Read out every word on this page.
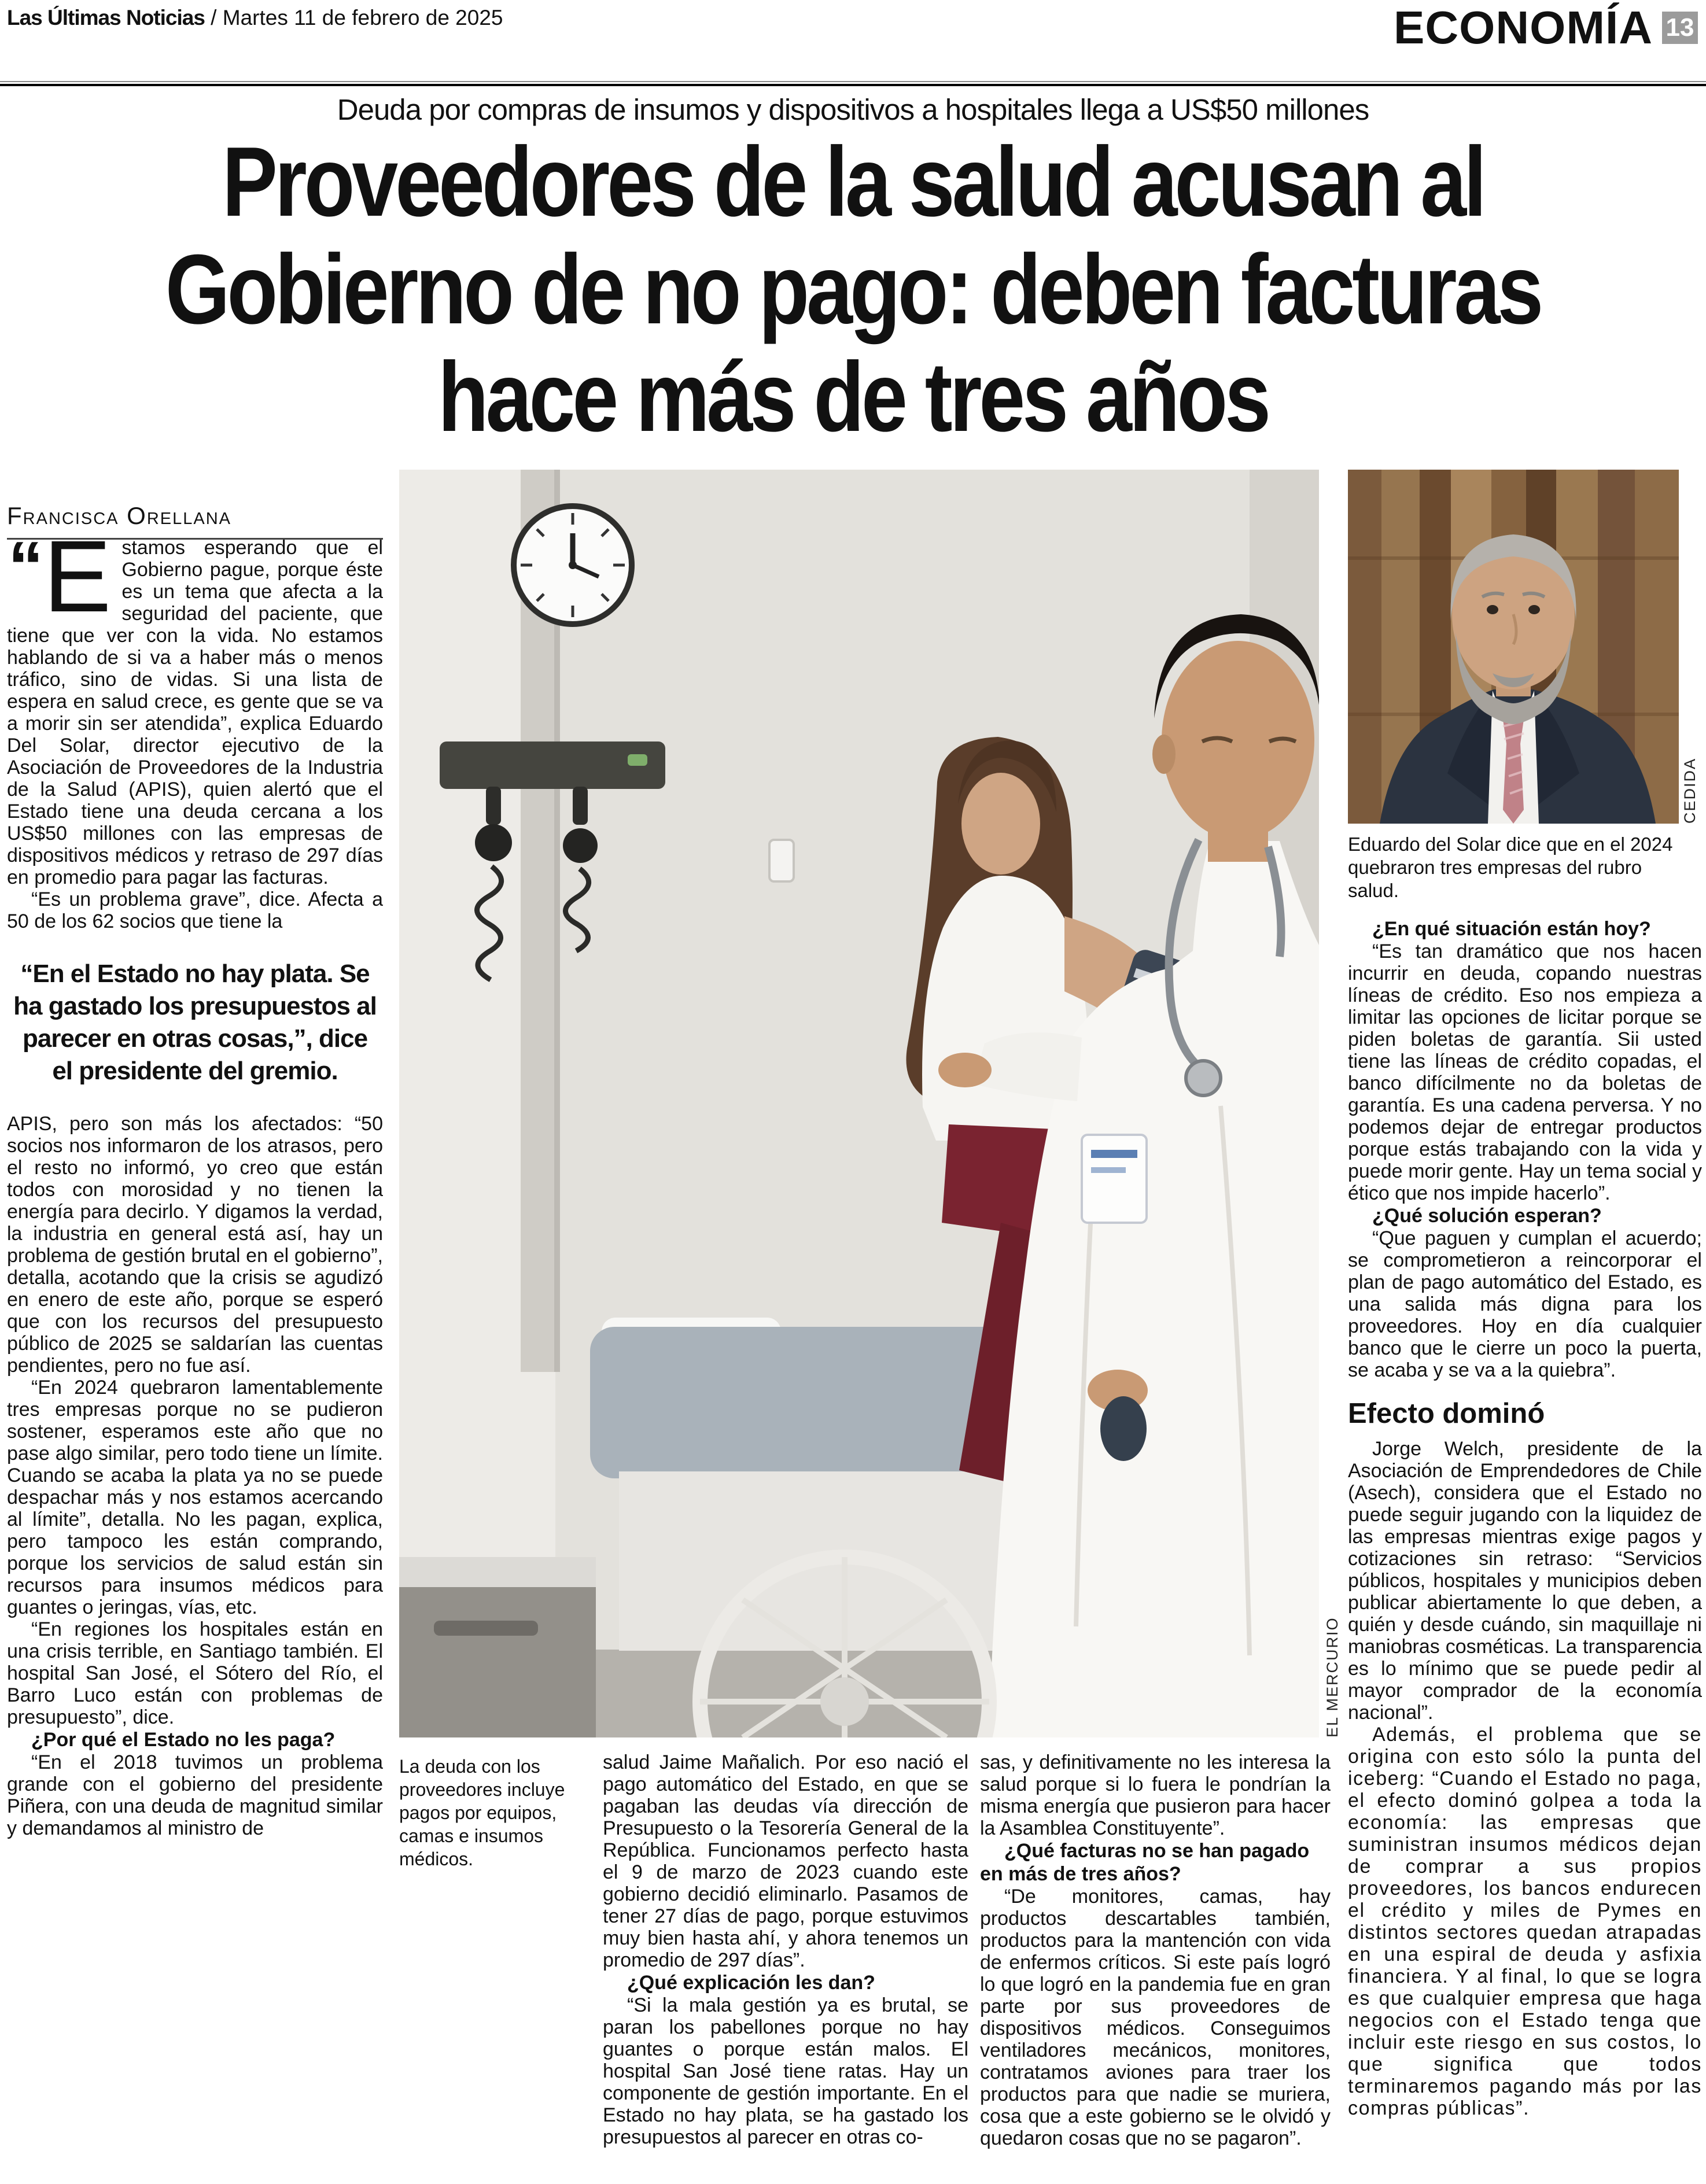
Las Últimas Noticias / Martes 11 de febrero de 2025	ECONOMÍA 13
Deuda por compras de insumos y dispositivos a hospitales llega a US$50 millones
Proveedores de la salud acusan al
Gobierno de no pago: deben facturas
hace más de tres años
Francisca Orellana

“ E stamos esperando que el Gobierno pague, porque éste es un tema que afecta a la seguridad del paciente, que tiene que ver con la vida. No estamos hablando de si va a haber más o menos tráfico, sino de vidas. Si una lista de espera en salud crece, es gente que se va a morir sin ser atendida”, explica Eduardo Del Solar, director ejecutivo de la Asociación de Proveedores de la Industria de la Salud (APIS), quien alertó que el Estado tiene una deuda cercana a los US$50 millones con las empresas de dispositivos médicos y retraso de 297 días en promedio para pagar las facturas.

“Es un problema grave”, dice. Afecta a 50 de los 62 socios que tiene la

“En el Estado no hay plata. Se ha gastado los presupuestos al parecer en otras cosas,”, dice el presidente del gremio.

APIS, pero son más los afectados: “50 socios nos informaron de los atrasos, pero el resto no informó, yo creo que están todos con morosidad y no tienen la energía para decirlo. Y digamos la verdad, la industria en general está así, hay un problema de gestión brutal en el gobierno”, detalla, acotando que la crisis se agudizó en enero de este año, porque se esperó que con los recursos del presupuesto público de 2025 se saldarían las cuentas pendientes, pero no fue así.

“En 2024 quebraron lamentablemente tres empresas porque no se pudieron sostener, esperamos este año que no pase algo similar, pero todo tiene un límite. Cuando se acaba la plata ya no se puede despachar más y nos estamos acercando al límite”, detalla. No les pagan, explica, pero tampoco les están comprando, porque los servicios de salud están sin recursos para insumos médicos para guantes o jeringas, vías, etc.

“En regiones los hospitales están en una crisis terrible, en Santiago también. El hospital San José, el Sótero del Río, el Barro Luco están con problemas de presupuesto”, dice.

¿Por qué el Estado no les paga?

“En el 2018 tuvimos un problema grande con el gobierno del presidente Piñera, con una deuda de magnitud similar y demandamos al ministro de

EL MERCURIO
La deuda con los proveedores incluye pagos por equipos, camas e insumos médicos.

salud Jaime Mañalich. Por eso nació el pago automático del Estado, en que se pagaban las deudas vía dirección de Presupuesto o la Tesorería General de la República. Funcionamos perfecto hasta el 9 de marzo de 2023 cuando este gobierno decidió eliminarlo. Pasamos de tener 27 días de pago, porque estuvimos muy bien hasta ahí, y ahora tenemos un promedio de 297 días”.

¿Qué explicación les dan?

“Si la mala gestión ya es brutal, se paran los pabellones porque no hay guantes o porque están malos. El hospital San José tiene ratas. Hay un componente de gestión importante. En el Estado no hay plata, se ha gastado los presupuestos al parecer en otras co-

sas, y definitivamente no les interesa la salud porque si lo fuera le pondrían la misma energía que pusieron para hacer la Asamblea Constituyente”.

¿Qué facturas no se han pagado en más de tres años?

“De monitores, camas, hay productos descartables también, productos para la mantención con vida de enfermos críticos. Si este país logró lo que logró en la pandemia fue en gran parte por sus proveedores de dispositivos médicos. Conseguimos ventiladores mecánicos, monitores, contratamos aviones para traer los productos para que nadie se muriera, cosa que a este gobierno se le olvidó y quedaron cosas que no se pagaron”.

CEDIDA
Eduardo del Solar dice que en el 2024 quebraron tres empresas del rubro salud.
¿En qué situación están hoy?

“Es tan dramático que nos hacen incurrir en deuda, copando nuestras líneas de crédito. Eso nos empieza a limitar las opciones de licitar porque se piden boletas de garantía. Sii usted tiene las líneas de crédito copadas, el banco difícilmente no da boletas de garantía. Es una cadena perversa. Y no podemos dejar de entregar productos porque estás trabajando con la vida y puede morir gente. Hay un tema social y ético que nos impide hacerlo”.

¿Qué solución esperan?

“Que paguen y cumplan el acuerdo; se comprometieron a reincorporar el plan de pago automático del Estado, es una salida más digna para los proveedores. Hoy en día cualquier banco que le cierre un poco la puerta, se acaba y se va a la quiebra”.

Efecto dominó

Jorge Welch, presidente de la Asociación de Emprendedores de Chile (Asech), considera que el Estado no puede seguir jugando con la liquidez de las empresas mientras exige pagos y cotizaciones sin retraso: “Servicios públicos, hospitales y municipios deben publicar abiertamente lo que deben, a quién y desde cuándo, sin maquillaje ni maniobras cosméticas. La transparencia es lo mínimo que se puede pedir al mayor comprador de la economía nacional”.

Además, el problema que se origina con esto sólo la punta del iceberg: “Cuando el Estado no paga, el efecto dominó golpea a toda la economía: las empresas que suministran insumos médicos dejan de comprar a sus propios proveedores, los bancos endurecen el crédito y miles de Pymes en distintos sectores quedan atrapadas en una espiral de deuda y asfixia financiera. Y al final, lo que se logra es que cualquier empresa que haga negocios con el Estado tenga que incluir este riesgo en sus costos, lo que significa que todos terminaremos pagando más por las compras públicas”.
